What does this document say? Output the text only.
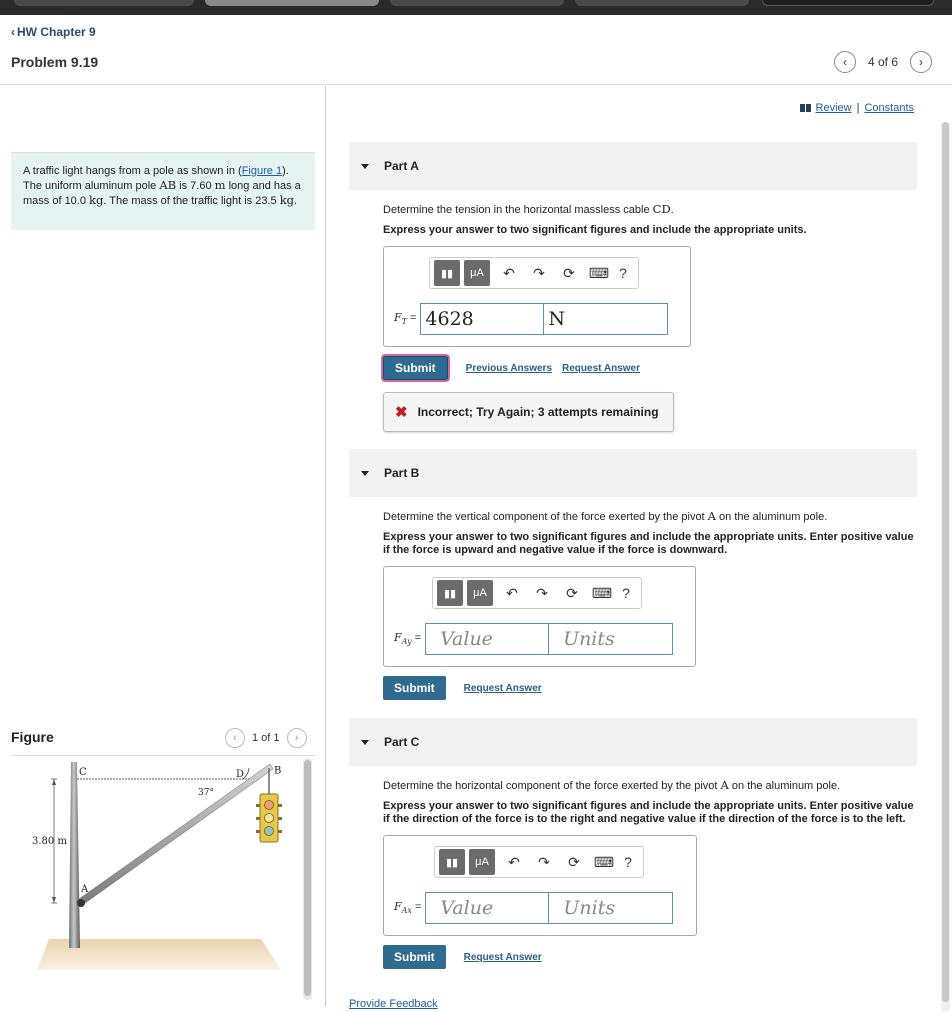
‹ HW Chapter 9
Problem 9.19	‹ 4 of 6 ›
A traffic light hangs from a pole as shown in (Figure 1). The uniform aluminum pole AB is 7.60 m long and has a mass of 10.0 kg. The mass of the traffic light is 23.5 kg.
Figure	‹ 1 of 1 ›
C	D	B
A
37°
3.80 m
Review | Constants
Part A
Determine the tension in the horizontal massless cable CD.
Express your answer to two significant figures and include the appropriate units.
▮▮	μA	↶	↷	⟳	⌨ ?
$F_T = 4628$	N
Submit	Previous Answers Request Answer
✖ Incorrect; Try Again; 3 attempts remaining
Part B
Determine the vertical component of the force exerted by the pivot A on the aluminum pole.
Express your answer to two significant figures and include the appropriate units. Enter positive value if the force is upward and negative value if the force is downward.
▮▮	μA	↶	↷	⟳	⌨ ?
$F_{Ay}$ =	Value	Units
Submit	Request Answer
Part C
Determine the horizontal component of the force exerted by the pivot A on the aluminum pole.
Express your answer to two significant figures and include the appropriate units. Enter positive value if the direction of the force is to the right and negative value if the direction of the force is to the left.
▮▮	μA	↶	↷	⟳	⌨ ?
$F_{Ax}$ =	Value	Units
Submit	Request Answer
Provide Feedback
